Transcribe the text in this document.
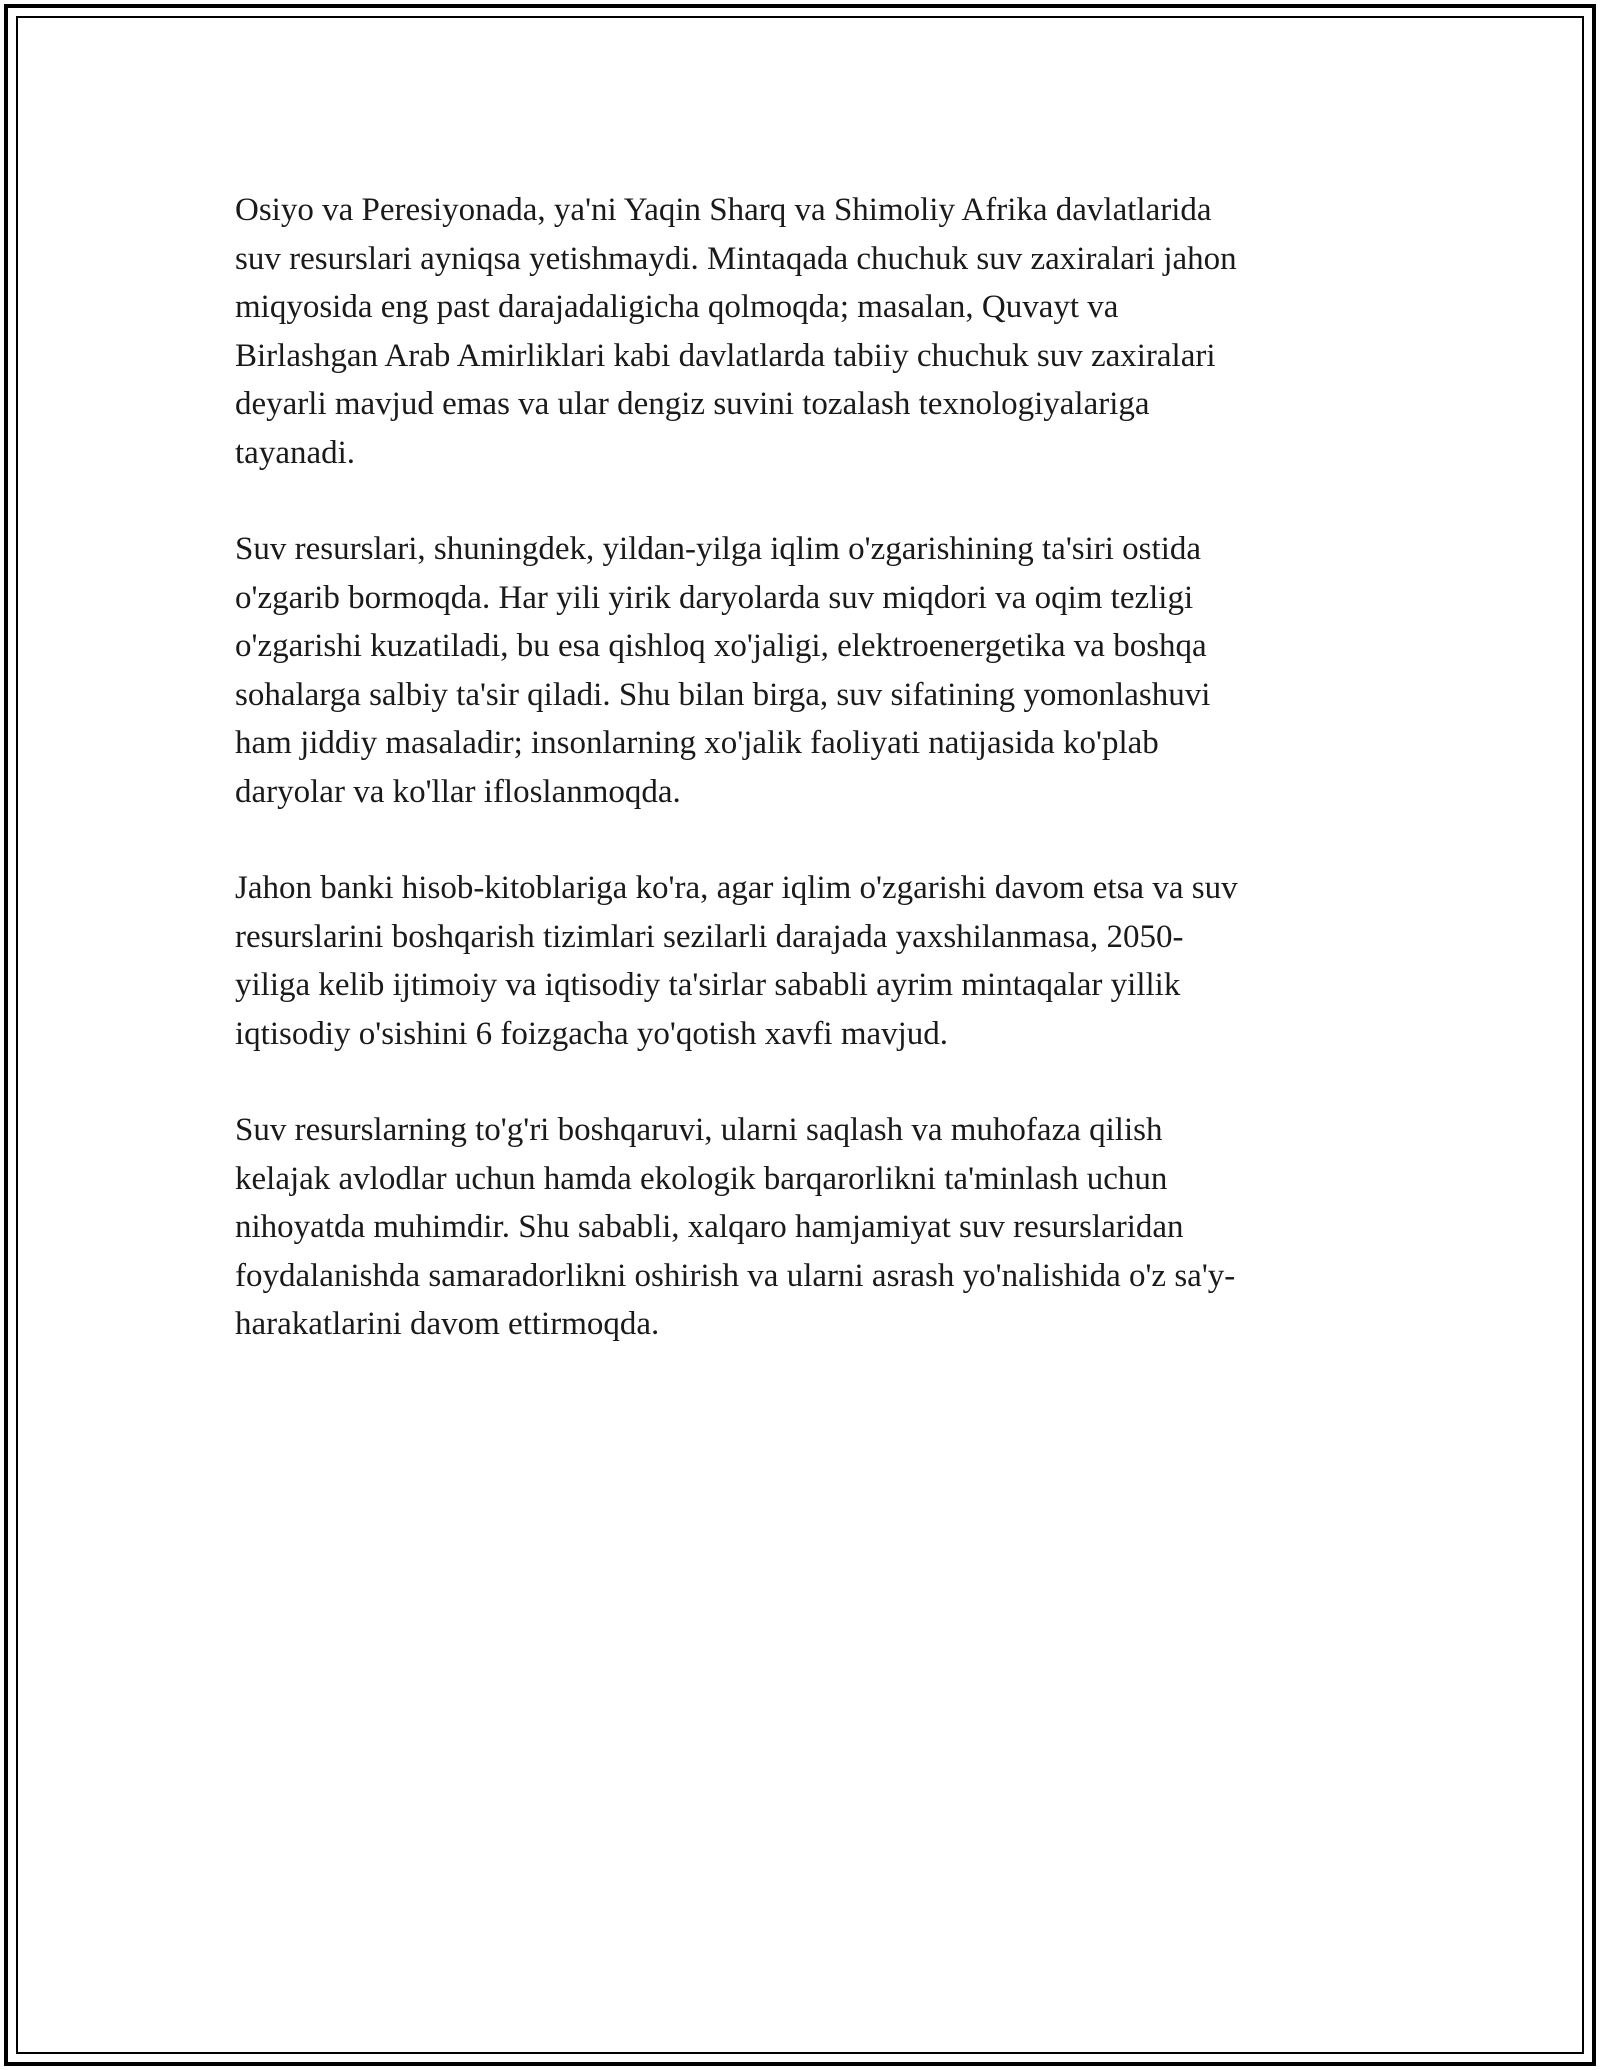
Osiyo va Peresiyonada, ya'ni Yaqin Sharq va Shimoliy Afrika davlatlarida
suv resurslari ayniqsa yetishmaydi. Mintaqada chuchuk suv zaxiralari jahon
miqyosida eng past darajadaligicha qolmoqda; masalan, Quvayt va
Birlashgan Arab Amirliklari kabi davlatlarda tabiiy chuchuk suv zaxiralari
deyarli mavjud emas va ular dengiz suvini tozalash texnologiyalariga
tayanadi.

Suv resurslari, shuningdek, yildan-yilga iqlim o'zgarishining ta'siri ostida
o'zgarib bormoqda. Har yili yirik daryolarda suv miqdori va oqim tezligi
o'zgarishi kuzatiladi, bu esa qishloq xo'jaligi, elektroenergetika va boshqa
sohalarga salbiy ta'sir qiladi. Shu bilan birga, suv sifatining yomonlashuvi
ham jiddiy masaladir; insonlarning xo'jalik faoliyati natijasida ko'plab
daryolar va ko'llar ifloslanmoqda.

Jahon banki hisob-kitoblariga ko'ra, agar iqlim o'zgarishi davom etsa va suv
resurslarini boshqarish tizimlari sezilarli darajada yaxshilanmasa, 2050-
yiliga kelib ijtimoiy va iqtisodiy ta'sirlar sababli ayrim mintaqalar yillik
iqtisodiy o'sishini 6 foizgacha yo'qotish xavfi mavjud.

Suv resurslarning to'g'ri boshqaruvi, ularni saqlash va muhofaza qilish
kelajak avlodlar uchun hamda ekologik barqarorlikni ta'minlash uchun
nihoyatda muhimdir. Shu sababli, xalqaro hamjamiyat suv resurslaridan
foydalanishda samaradorlikni oshirish va ularni asrash yo'nalishida o'z sa'y-
harakatlarini davom ettirmoqda.
